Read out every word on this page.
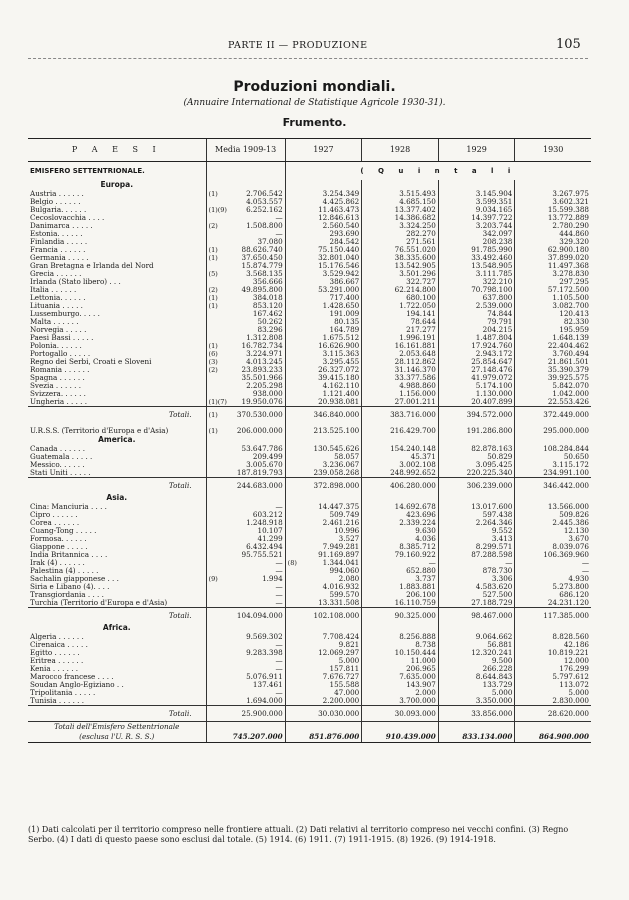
PARTE II — PRODUZIONE	105
Produzioni mondiali.
(Annuaire International de Statistique Agricole 1930-31).
Frumento.
P A E S I	Media 1909-13	1927	1928	1929	1930
EMISFERO SETTENTRIONALE.		( Q u i n t a l i			
Europa.					
Austria . . . . . .	(1) 2.706.542	3.254.349	3.515.493	3.145.904	3.267.975
Belgio . . . . . .	4.053.557	4.425.862	4.685.150	3.599.351	3.602.321
Bulgaria. . . . . .	(1)(9) 6.252.162	11.463.473	13.377.402	9.034.165	15.599.388
Cecoslovacchia . . . .	—	12.846.613	14.386.682	14.397.722	13.772.889
Danimarca . . . . .	(2) 1.508.800	2.560.540	3.324.250	3.203.744	2.780.290
Estonia. . . . . .	—	293.690	282.270	342.097	444.860
Finlandia . . . . .	37.080	284.542	271.561	208.238	329.320
Francia . . . . . .	(1) 88.626.740	75.150.440	76.551.020	91.785.990	62.900.180
Germania . . . . .	(1) 37.650.450	32.801.040	38.335.600	33.492.460	37.899.020
Gran Bretagna e Irlanda del Nord	15.874.779	15.176.546	13.542.905	13.548.905	11.497.368
Grecia . . . . . .	(5) 3.568.135	3.529.942	3.501.296	3.111.785	3.278.830
Irlanda (Stato libero) . . .	356.666	386.667	322.727	322.210	297.295
Italia . . . . . .	(2) 49.895.800	53.291.000	62.214.800	70.798.100	57.172.500
Lettonia. . . . . .	(1) 384.018	717.400	680.100	637.800	1.105.500
Lituania . . . . .	(1) 853.120	1.428.650	1.722.050	2.539.000	3.082.700
Lussemburgo. . . . .	167.462	191.009	194.141	74.844	120.413
Malta . . . . . .	50.262	80.135	78.644	79.791	82.330
Norvegia . . . . .	83.296	164.789	217.277	204.215	195.959
Paesi Bassi . . . . .	1.312.808	1.675.512	1.996.191	1.487.804	1.648.139
Polonia. . . . . .	(1) 16.782.734	16.626.900	16.161.881	17.924.760	22.404.462
Portogallo . . . . .	(6) 3.224.971	3.115.363	2.053.648	2.943.172	3.760.494
Regno dei Serbi, Croati e Sloveni	(3) 4.013.245	3.295.455	28.112.862	25.854.647	21.861.501
Romania . . . . . .	(2) 23.893.233	26.327.072	31.146.370	27.148.476	35.390.379
Spagna . . . . . .	35.501.966	39.415.180	33.377.586	41.979.072	39.925.575
Svezia . . . . . .	2.205.298	4.162.110	4.988.860	5.174.100	5.842.070
Svizzera. . . . . .	938.000	1.121.400	1.156.000	1.130.000	1.042.000
Ungheria . . . . .	(1)(7) 19.950.076	20.938.081	27.001.211	20.407.899	22.553.426
Totali.	(1) 370.530.000	346.840.000	383.716.000	394.572.000	372.449.000

U.R.S.S. (Territorio d'Europa e d'Asia)	(1) 206.000.000	213.525.100	216.429.700	191.286.800	295.000.000
America.					
Canada . . . . . .	53.647.786	130.545.626	154.240.148	82.878.163	108.284.844
Guatemala . . . . .	209.499	58.057	45.371	50.829	50.650
Messico. . . . . .	3.005.670	3.236.067	3.002.108	3.095.425	3.115.172
Stati Uniti . . . . .	187.819.793	239.058.268	248.992.652	220.225.340	234.991.100
Totali.	244.683.000	372.898.000	406.280.000	306.239.000	346.442.000
Asia.					
Cina: Manciuria . . . .	—	14.447.375	14.692.678	13.017.600	13.566.000
Cipro . . . . . .	603.212	509.749	423.696	597.438	509.826
Corea . . . . . .	1.248.918	2.461.216	2.339.224	2.264.346	2.445.386
Cuang-Tong . . . . .	10.107	10.996	9.630	9.552	12.130
Formosa. . . . . .	41.299	3.527	4.036	3.413	3.670
Giappone . . . . .	6.432.494	7.949.281	8.385.712	8.299.571	8.039.076
India Britannica . . . .	95.755.521	91.169.897	79.160.922	87.288.598	106.369.960
Irak (4) . . . . . .	—	(8) 1.344.041	—	—	—
Palestina (4) . . . . .	—	994.060	652.880	878.730	—
Sachalin giapponese . . .	(9) 1.994	2.080	3.737	3.306	4.930
Siria e Libano (4). . . .	—	4.016.932	1.883.881	4.583.620	5.273.800
Transgiordania . . . .	—	599.570	206.100	527.500	686.120
Turchia (Territorio d'Europa e d'Asia)	—	13.331.508	16.110.759	27.188.729	24.231.120
Totali.	104.094.000	102.108.000	90.325.000	98.467.000	117.385.000
Africa.					
Algeria . . . . . .	9.569.302	7.708.424	8.256.888	9.064.662	8.828.560
Cirenaica . . . . .	—	9.821	8.738	56.881	42.186
Egitto . . . . . .	9.283.398	12.069.297	10.150.444	12.320.241	10.819.221
Eritrea . . . . . .	—	5.000	11.000	9.500	12.000
Kenia . . . . . .	—	157.811	206.965	266.228	176.299
Marocco francese . . . .	5.076.911	7.676.727	7.635.000	8.644.843	5.797.612
Soudan Anglo-Egiziano . .	137.461	155.588	143.907	133.729	113.072
Tripolitania . . . . .	—	47.000	2.000	5.000	5.000
Tunisia . . . . . .	1.694.000	2.200.000	3.700.000	3.350.000	2.830.000
Totali.	25.900.000	30.030.000	30.093.000	33.856.000	28.620.000
Totali dell'Emisfero Settentrionale					
(esclusa l'U. R. S. S.)	745.207.000	851.876.000	910.439.000	833.134.000	864.900.000
(1) Dati calcolati per il territorio compreso nelle frontiere attuali. (2) Dati relativi al territorio compreso nei vecchi confini. (3) Regno Serbo. (4) I dati di questo paese sono esclusi dal totale. (5) 1914. (6) 1911. (7) 1911-1915. (8) 1926. (9) 1914-1918.
